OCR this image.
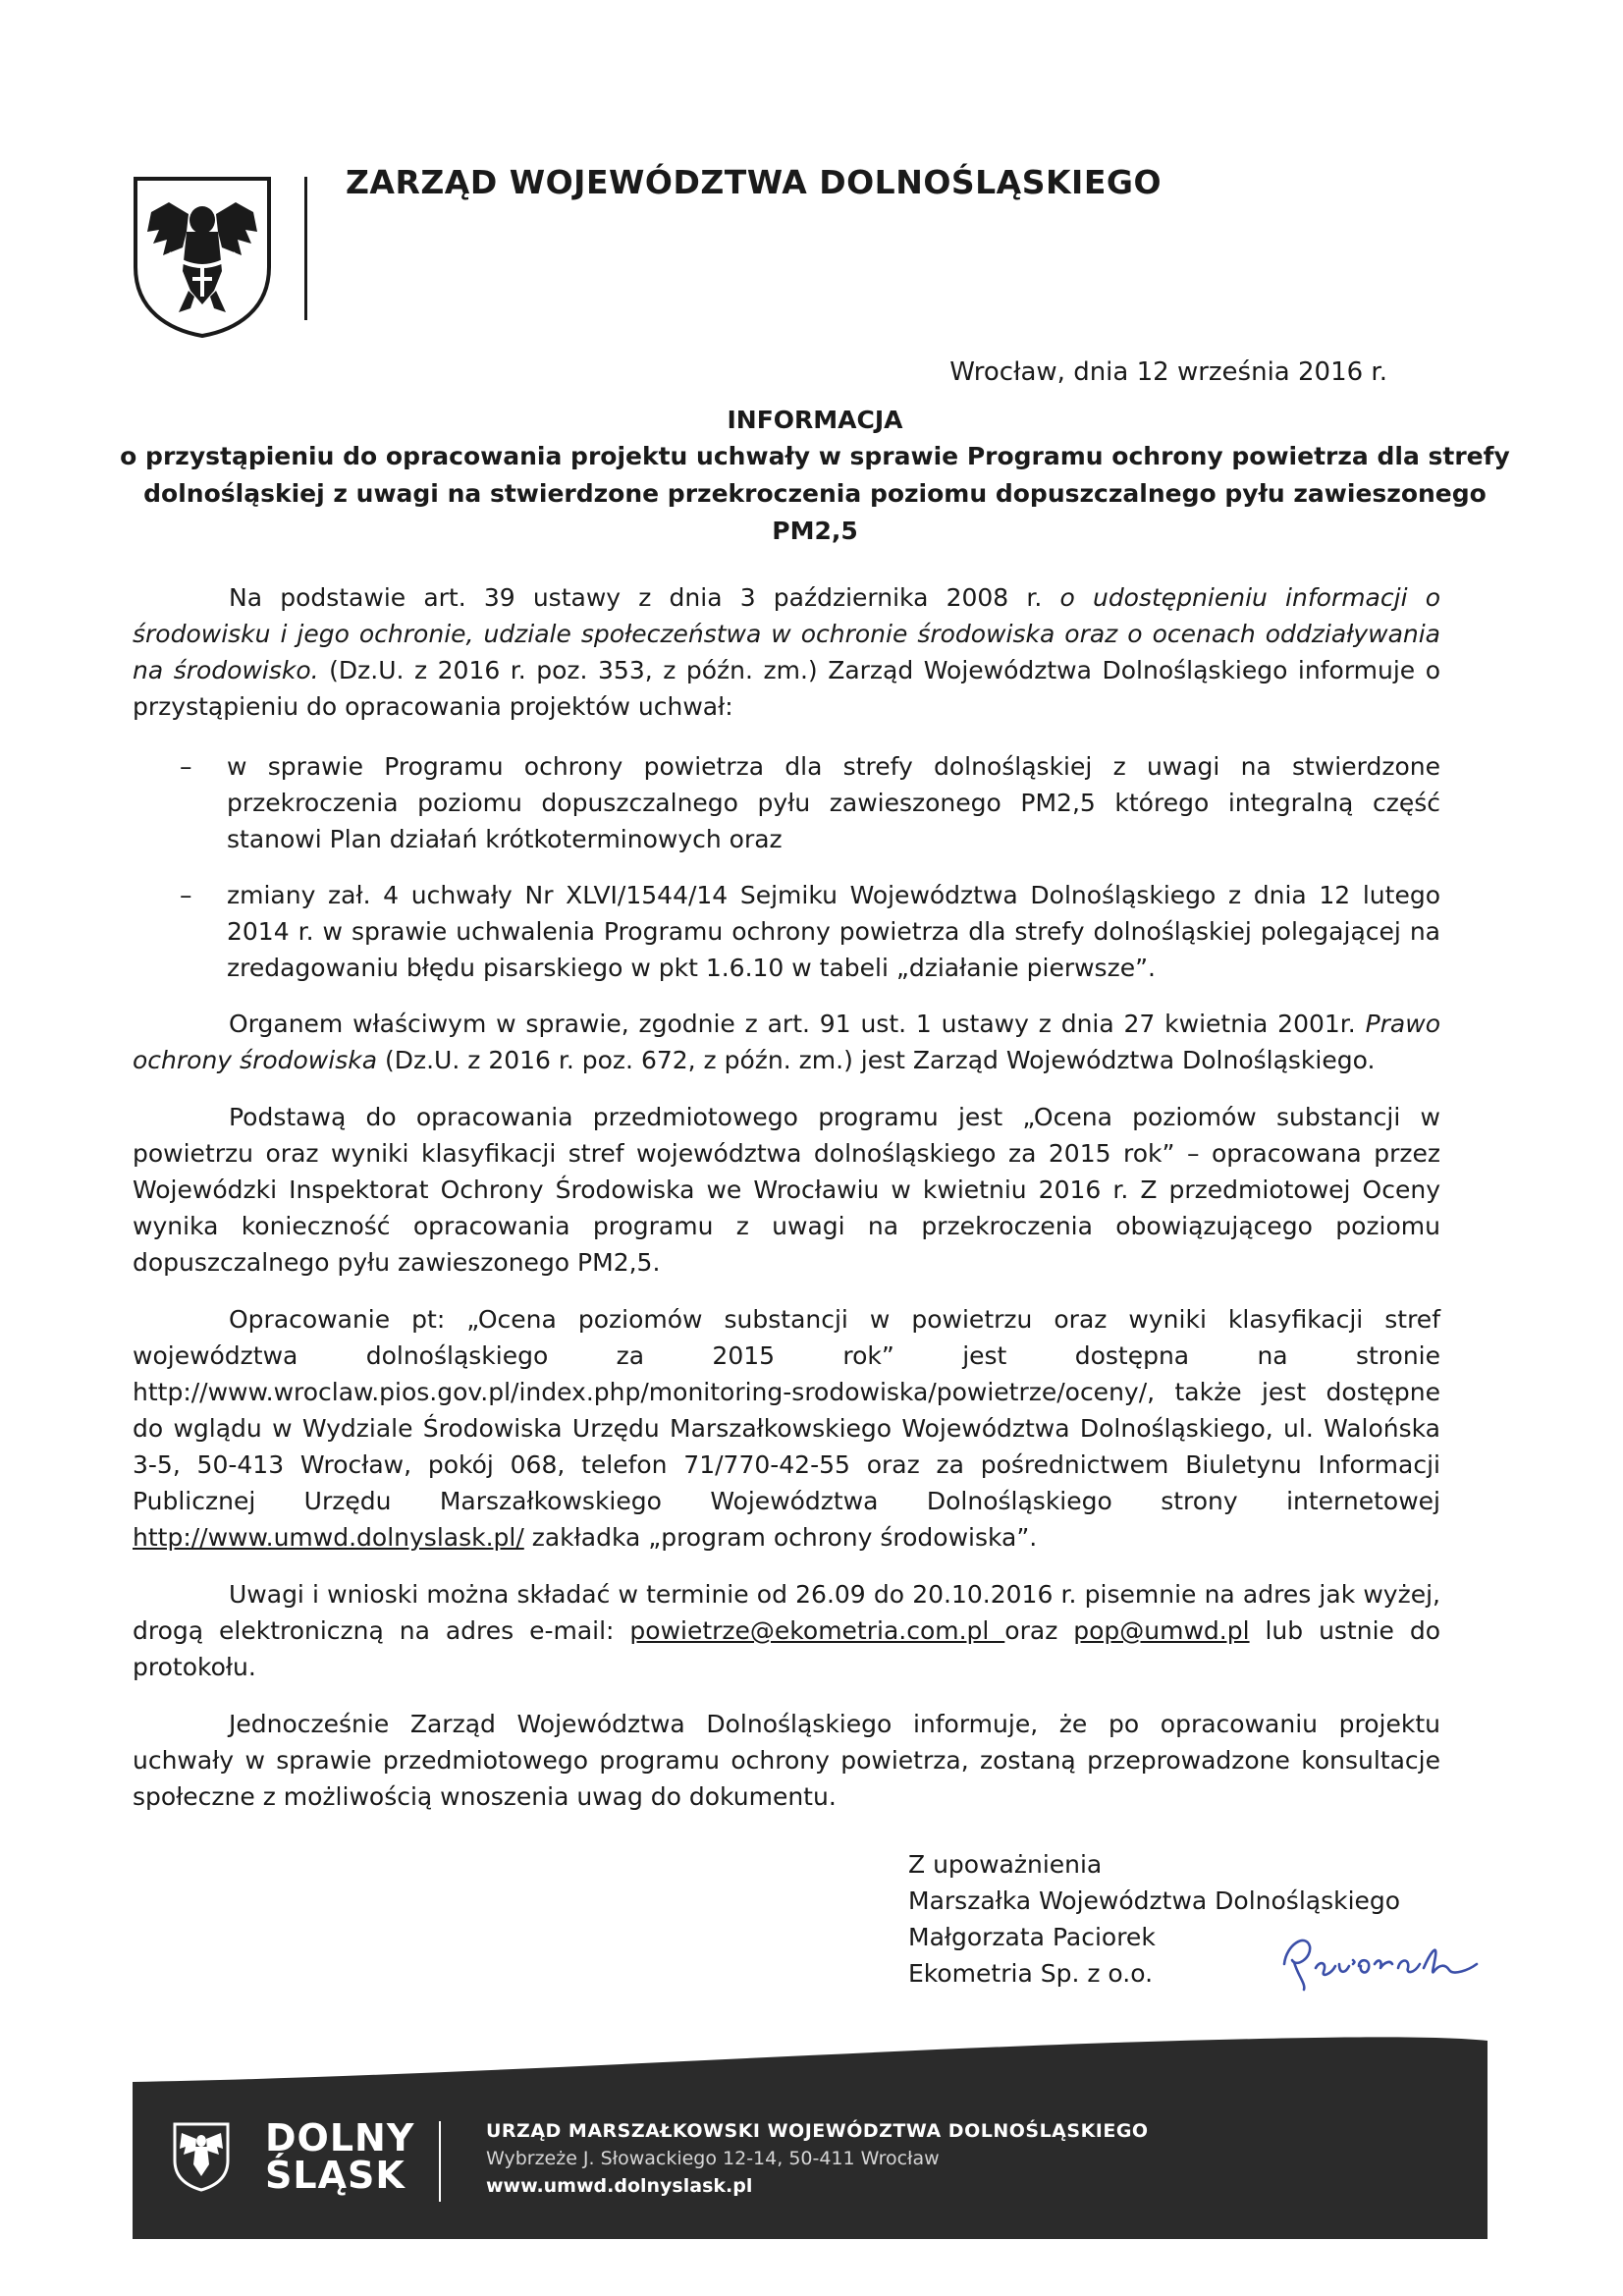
ZARZĄD WOJEWÓDZTWA DOLNOŚLĄSKIEGO
Wrocław, dnia 12 września 2016 r.
INFORMACJA
o przystąpieniu do opracowania projektu uchwały w sprawie Programu ochrony powietrza dla strefy
dolnośląskiej z uwagi na stwierdzone przekroczenia poziomu dopuszczalnego pyłu zawieszonego
PM2,5

Na podstawie art. 39 ustawy z dnia 3 października 2008 r. o udostępnieniu informacji o środowisku i jego ochronie, udziale społeczeństwa w ochronie środowiska oraz o ocenach oddziaływania na środowisko. (Dz.U. z 2016 r. poz. 353, z późn. zm.) Zarząd Województwa Dolnośląskiego informuje o przystąpieniu do opracowania projektów uchwał:

– w sprawie Programu ochrony powietrza dla strefy dolnośląskiej z uwagi na stwierdzone przekroczenia poziomu dopuszczalnego pyłu zawieszonego PM2,5 którego integralną część stanowi Plan działań krótkoterminowych oraz
– zmiany zał. 4 uchwały Nr XLVI/1544/14 Sejmiku Województwa Dolnośląskiego z dnia 12 lutego 2014 r. w sprawie uchwalenia Programu ochrony powietrza dla strefy dolnośląskiej polegającej na zredagowaniu błędu pisarskiego w pkt 1.6.10 w tabeli „działanie pierwsze”.

Organem właściwym w sprawie, zgodnie z art. 91 ust. 1 ustawy z dnia 27 kwietnia 2001r. Prawo ochrony środowiska (Dz.U. z 2016 r. poz. 672, z późn. zm.) jest Zarząd Województwa Dolnośląskiego.

Podstawą do opracowania przedmiotowego programu jest „Ocena poziomów substancji w powietrzu oraz wyniki klasyfikacji stref województwa dolnośląskiego za 2015 rok” – opracowana przez Wojewódzki Inspektorat Ochrony Środowiska we Wrocławiu w kwietniu 2016 r. Z przedmiotowej Oceny wynika konieczność opracowania programu z uwagi na przekroczenia obowiązującego poziomu dopuszczalnego pyłu zawieszonego PM2,5.

Opracowanie pt: „Ocena poziomów substancji w powietrzu oraz wyniki klasyfikacji stref województwa dolnośląskiego za 2015 rok” jest dostępna na stronie http://www.wroclaw.pios.gov.pl/index.php/monitoring-srodowiska/powietrze/oceny/, także jest dostępne do wglądu w Wydziale Środowiska Urzędu Marszałkowskiego Województwa Dolnośląskiego, ul. Walońska 3-5, 50-413 Wrocław, pokój 068, telefon 71/770-42-55 oraz za pośrednictwem Biuletynu Informacji Publicznej Urzędu Marszałkowskiego Województwa Dolnośląskiego strony internetowej http://www.umwd.dolnyslask.pl/ zakładka „program ochrony środowiska”.

Uwagi i wnioski można składać w terminie od 26.09 do 20.10.2016 r. pisemnie na adres jak wyżej, drogą elektroniczną na adres e-mail: powietrze@ekometria.com.pl oraz pop@umwd.pl lub ustnie do protokołu.

Jednocześnie Zarząd Województwa Dolnośląskiego informuje, że po opracowaniu projektu uchwały w sprawie przedmiotowego programu ochrony powietrza, zostaną przeprowadzone konsultacje społeczne z możliwością wnoszenia uwag do dokumentu.

Z upoważnienia
Marszałka Województwa Dolnośląskiego
Małgorzata Paciorek
Ekometria Sp. z o.o.
DOLNY
ŚLĄSK
URZĄD MARSZAŁKOWSKI WOJEWÓDZTWA DOLNOŚLĄSKIEGO
Wybrzeże J. Słowackiego 12-14, 50-411 Wrocław
www.umwd.dolnyslask.pl
